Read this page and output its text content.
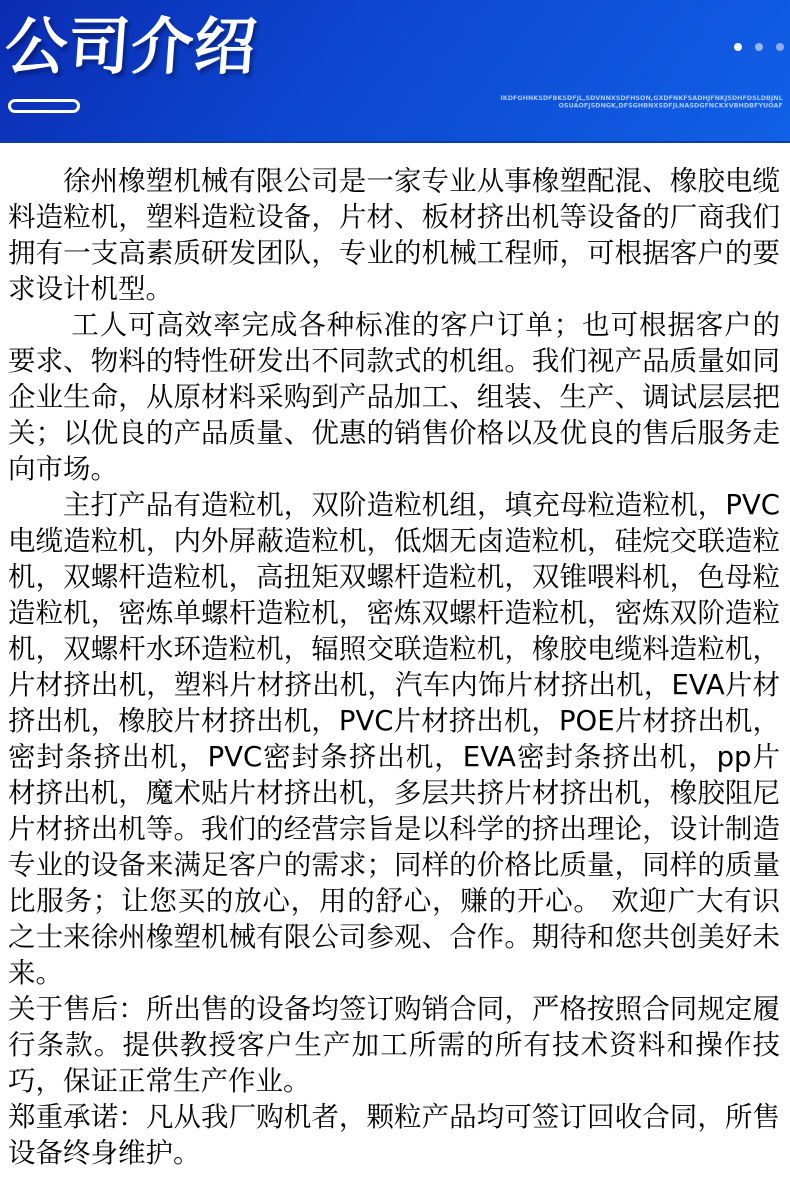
公司介绍
IKDFGHNKSDFBKSDFJL,SDVNNXSDFHSON,GXDFNKFSADHJFNKJSDHFDSLDBJNL
OSUAOFJSDNGK,DFSGHBNXSDFJLNASDGFNCKXVBHDBFYUOAF

徐州橡塑机械有限公司是一家专业从事橡塑配混、橡胶电缆料造粒机，塑料造粒设备，片材、板材挤出机等设备的厂商我们拥有一支高素质研发团队，专业的机械工程师，可根据客户的要求设计机型。

工人可高效率完成各种标准的客户订单；也可根据客户的要求、物料的特性研发出不同款式的机组。我们视产品质量如同企业生命，从原材料采购到产品加工、组装、生产、调试层层把关；以优良的产品质量、优惠的销售价格以及优良的售后服务走向市场。

主打产品有造粒机，双阶造粒机组，填充母粒造粒机，PVC电缆造粒机，内外屏蔽造粒机，低烟无卤造粒机，硅烷交联造粒机，双螺杆造粒机，高扭矩双螺杆造粒机，双锥喂料机，色母粒造粒机，密炼单螺杆造粒机，密炼双螺杆造粒机，密炼双阶造粒机，双螺杆水环造粒机，辐照交联造粒机，橡胶电缆料造粒机，片材挤出机，塑料片材挤出机，汽车内饰片材挤出机，EVA片材挤出机，橡胶片材挤出机，PVC片材挤出机，POE片材挤出机，密封条挤出机，PVC密封条挤出机，EVA密封条挤出机，pp片材挤出机，魔术贴片材挤出机，多层共挤片材挤出机，橡胶阻尼片材挤出机等。我们的经营宗旨是以科学的挤出理论，设计制造专业的设备来满足客户的需求；同样的价格比质量，同样的质量比服务；让您买的放心，用的舒心，赚的开心。 欢迎广大有识之士来徐州橡塑机械有限公司参观、合作。期待和您共创美好未来。

关于售后：所出售的设备均签订购销合同，严格按照合同规定履行条款。提供教授客户生产加工所需的所有技术资料和操作技巧，保证正常生产作业。

郑重承诺：凡从我厂购机者，颗粒产品均可签订回收合同，所售设备终身维护。
